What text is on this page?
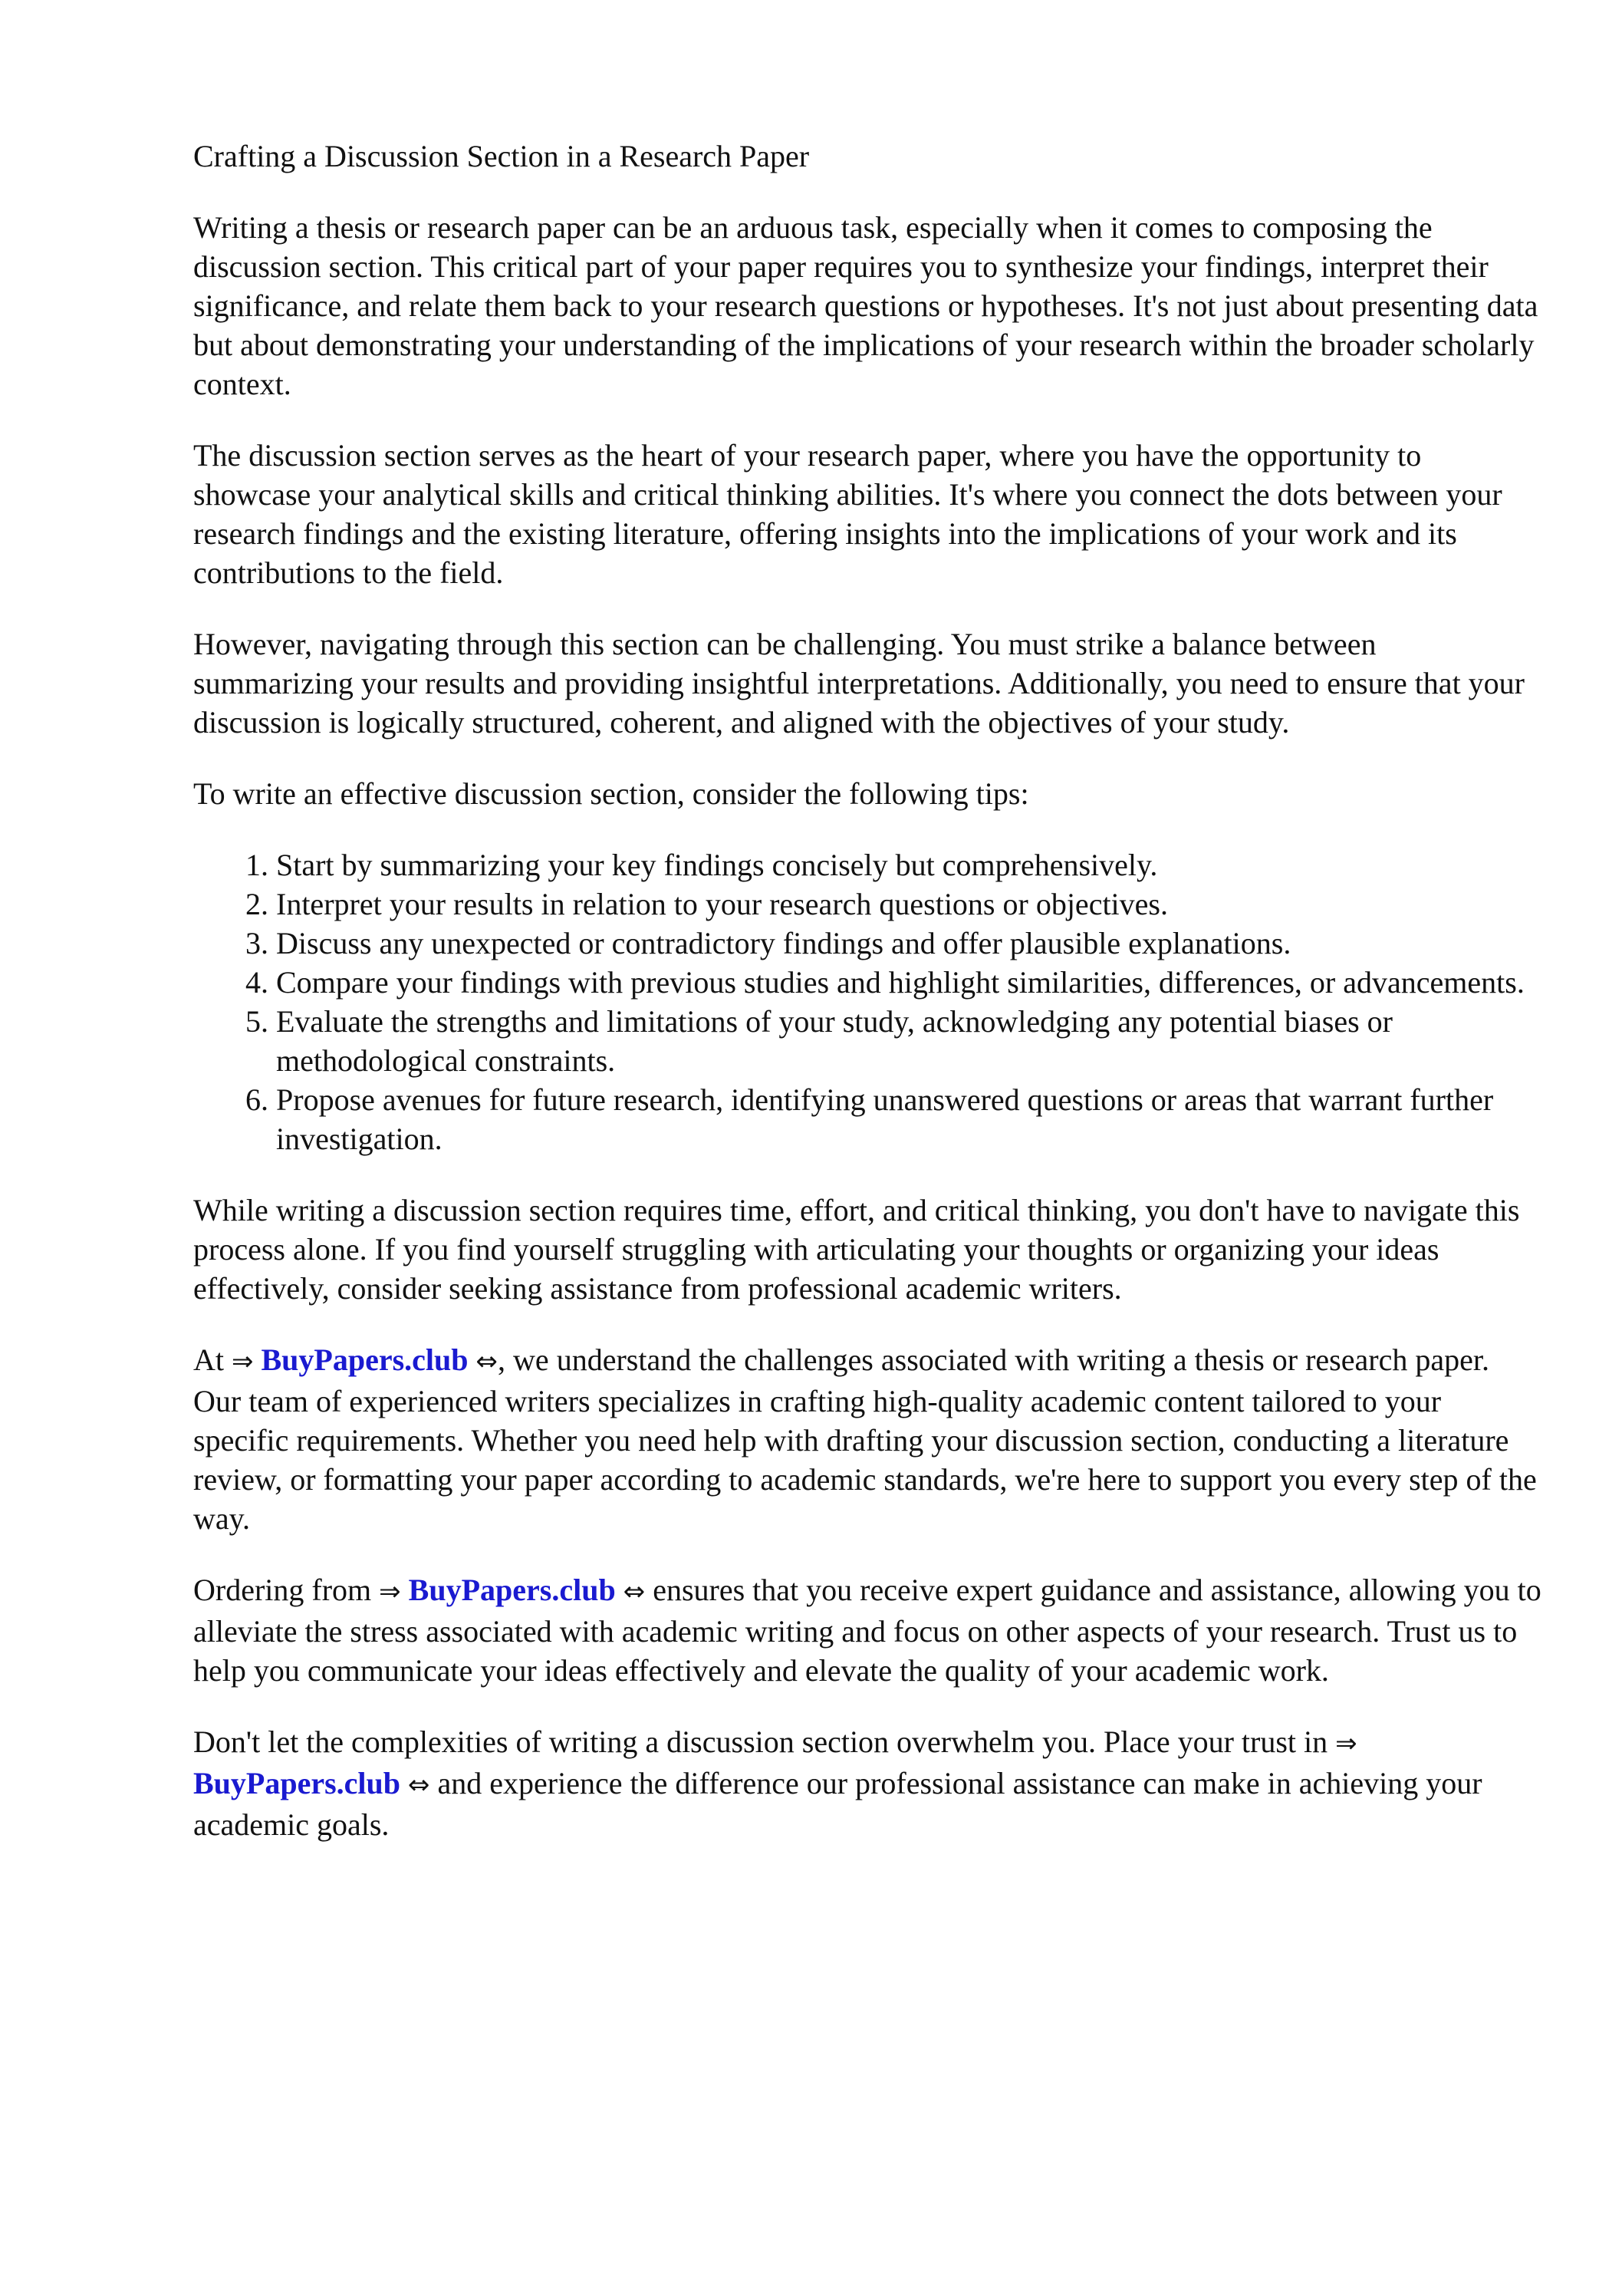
Crafting a Discussion Section in a Research Paper

Writing a thesis or research paper can be an arduous task, especially when it comes to composing the discussion section. This critical part of your paper requires you to synthesize your findings, interpret their significance, and relate them back to your research questions or hypotheses. It's not just about presenting data but about demonstrating your understanding of the implications of your research within the broader scholarly context.

The discussion section serves as the heart of your research paper, where you have the opportunity to showcase your analytical skills and critical thinking abilities. It's where you connect the dots between your research findings and the existing literature, offering insights into the implications of your work and its contributions to the field.

However, navigating through this section can be challenging. You must strike a balance between summarizing your results and providing insightful interpretations. Additionally, you need to ensure that your discussion is logically structured, coherent, and aligned with the objectives of your study.

To write an effective discussion section, consider the following tips:

1. Start by summarizing your key findings concisely but comprehensively.
2. Interpret your results in relation to your research questions or objectives.
3. Discuss any unexpected or contradictory findings and offer plausible explanations.
4. Compare your findings with previous studies and highlight similarities, differences, or advancements.
5. Evaluate the strengths and limitations of your study, acknowledging any potential biases or methodological constraints.
6. Propose avenues for future research, identifying unanswered questions or areas that warrant further investigation.

While writing a discussion section requires time, effort, and critical thinking, you don't have to navigate this process alone. If you find yourself struggling with articulating your thoughts or organizing your ideas effectively, consider seeking assistance from professional academic writers.

At ⇒ BuyPapers.club ⇔, we understand the challenges associated with writing a thesis or research paper. Our team of experienced writers specializes in crafting high-quality academic content tailored to your specific requirements. Whether you need help with drafting your discussion section, conducting a literature review, or formatting your paper according to academic standards, we're here to support you every step of the way.

Ordering from ⇒ BuyPapers.club ⇔ ensures that you receive expert guidance and assistance, allowing you to alleviate the stress associated with academic writing and focus on other aspects of your research. Trust us to help you communicate your ideas effectively and elevate the quality of your academic work.

Don't let the complexities of writing a discussion section overwhelm you. Place your trust in ⇒ BuyPapers.club ⇔ and experience the difference our professional assistance can make in achieving your academic goals.
